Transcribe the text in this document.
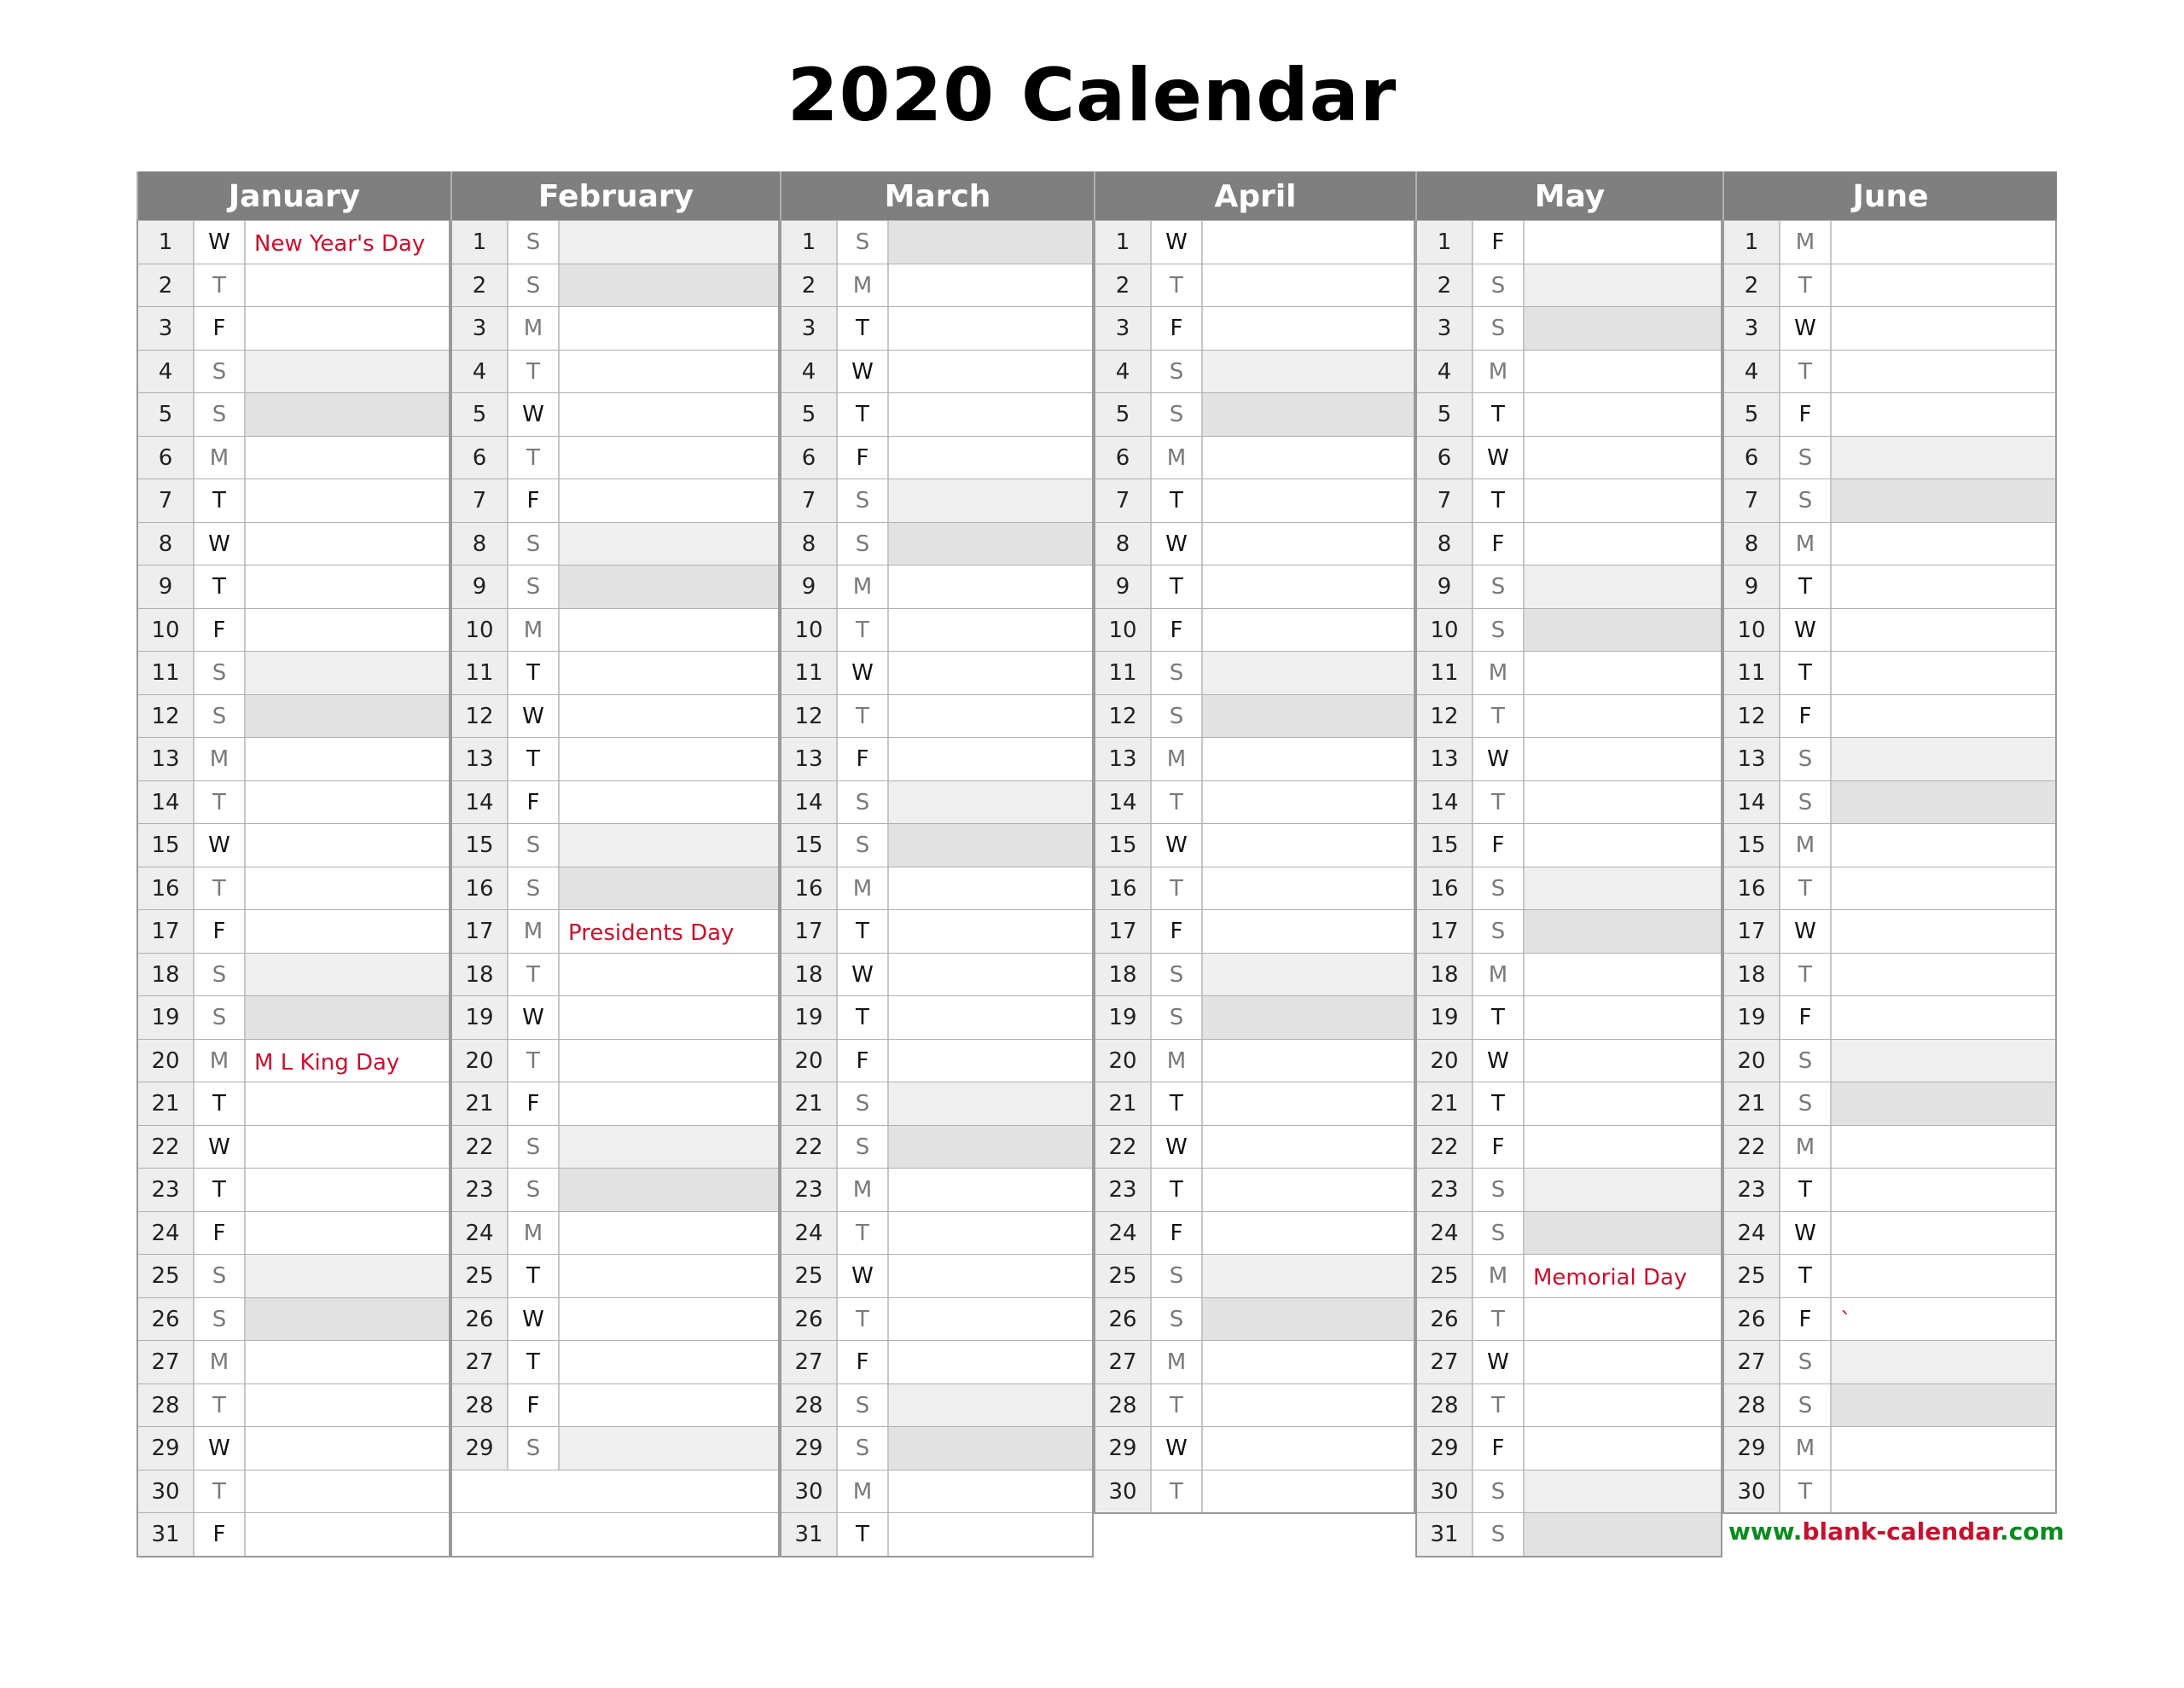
2020 Calendar
January
1	W	New Year's Day
2	T
3	F
4	S
5	S
6	M
7	T
8	W
9	T
10	F
11	S
12	S
13	M
14	T
15	W
16	T
17	F
18	S
19	S
20	M	M L King Day
21	T
22	W
23	T
24	F
25	S
26	S
27	M
28	T
29	W
30	T
31	F
February
1	S
2	S
3	M
4	T
5	W
6	T
7	F
8	S
9	S
10	M
11	T
12	W
13	T
14	F
15	S
16	S
17	M	Presidents Day
18	T
19	W
20	T
21	F
22	S
23	S
24	M
25	T
26	W
27	T
28	F
29	S
March
1	S
2	M
3	T
4	W
5	T
6	F
7	S
8	S
9	M
10	T
11	W
12	T
13	F
14	S
15	S
16	M
17	T
18	W
19	T
20	F
21	S
22	S
23	M
24	T
25	W
26	T
27	F
28	S
29	S
30	M
31	T
April
1	W
2	T
3	F
4	S
5	S
6	M
7	T
8	W
9	T
10	F
11	S
12	S
13	M
14	T
15	W
16	T
17	F
18	S
19	S
20	M
21	T
22	W
23	T
24	F
25	S
26	S
27	M
28	T
29	W
30	T
May
1	F
2	S
3	S
4	M
5	T
6	W
7	T
8	F
9	S
10	S
11	M
12	T
13	W
14	T
15	F
16	S
17	S
18	M
19	T
20	W
21	T
22	F
23	S
24	S
25	M	Memorial Day
26	T
27	W
28	T
29	F
30	S
31	S
June
1	M
2	T
3	W
4	T
5	F
6	S
7	S
8	M
9	T
10	W
11	T
12	F
13	S
14	S
15	M
16	T
17	W
18	T
19	F
20	S
21	S
22	M
23	T
24	W
25	T
26	F	`
27	S
28	S
29	M
30	T
www.blank-calendar.com
